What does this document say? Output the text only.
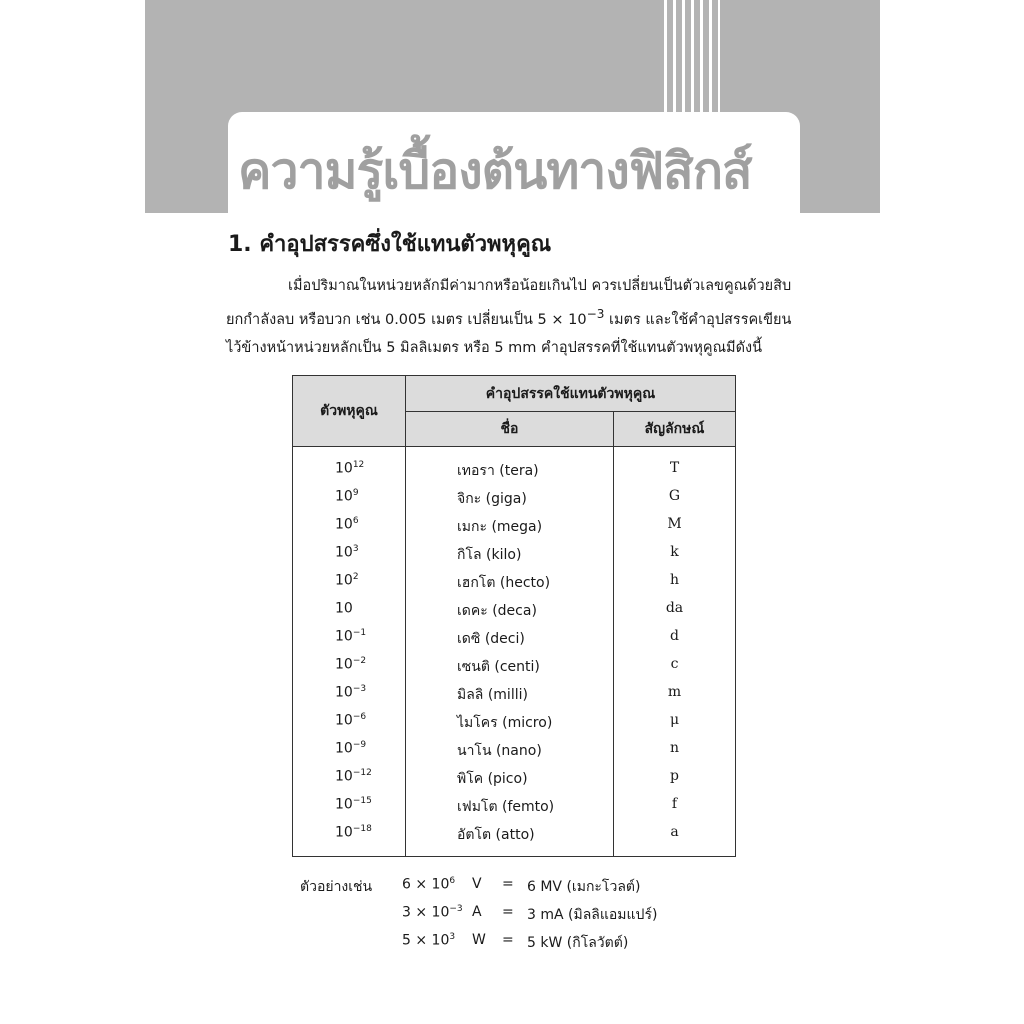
ความรู้เบื้องต้นทางฟิสิกส์
1. คำอุปสรรคซึ่งใช้แทนตัวพหุคูณ
เมื่อปริมาณในหน่วยหลักมีค่ามากหรือน้อยเกินไป ควรเปลี่ยนเป็นตัวเลขคูณด้วยสิบ
ยกกำลังลบ หรือบวก เช่น 0.005 เมตร เปลี่ยนเป็น $5 \times 10^{-3}$ เมตร และใช้คำอุปสรรคเขียน
ไว้ข้างหน้าหน่วยหลักเป็น 5 มิลลิเมตร หรือ 5 mm คำอุปสรรคที่ใช้แทนตัวพหุคูณมีดังนี้
ตัวพหุคูณ
คำอุปสรรคใช้แทนตัวพหุคูณ
ชื่อ	สัญลักษณ์
$10^{12}$	เทอรา (tera)	T
$10^9$	จิกะ (giga)	G
$10^6$	เมกะ (mega)	M
$10^3$	กิโล (kilo)	k
$10^2$	เฮกโต (hecto)	h
10	เดคะ (deca)	da
$10^{-1}$	เดซิ (deci)	d
$10^{-2}$	เซนติ (centi)	c
$10^{-3}$	มิลลิ (milli)	m
$10^{-6}$	ไมโคร (micro)	μ
$10^{-9}$	นาโน (nano)	n
$10^{-12}$	พิโค (pico)	p
$10^{-15}$	เฟมโต (femto)	f
$10^{-18}$	อัตโต (atto)	a
ตัวอย่างเช่น $6 \times 10^6$ V = 6 MV (เมกะโวลต์)
$3 \times 10^{-3}$ A = 3 mA (มิลลิแอมแปร์)
$5 \times 10^3$ W = 5 kW (กิโลวัตต์)
